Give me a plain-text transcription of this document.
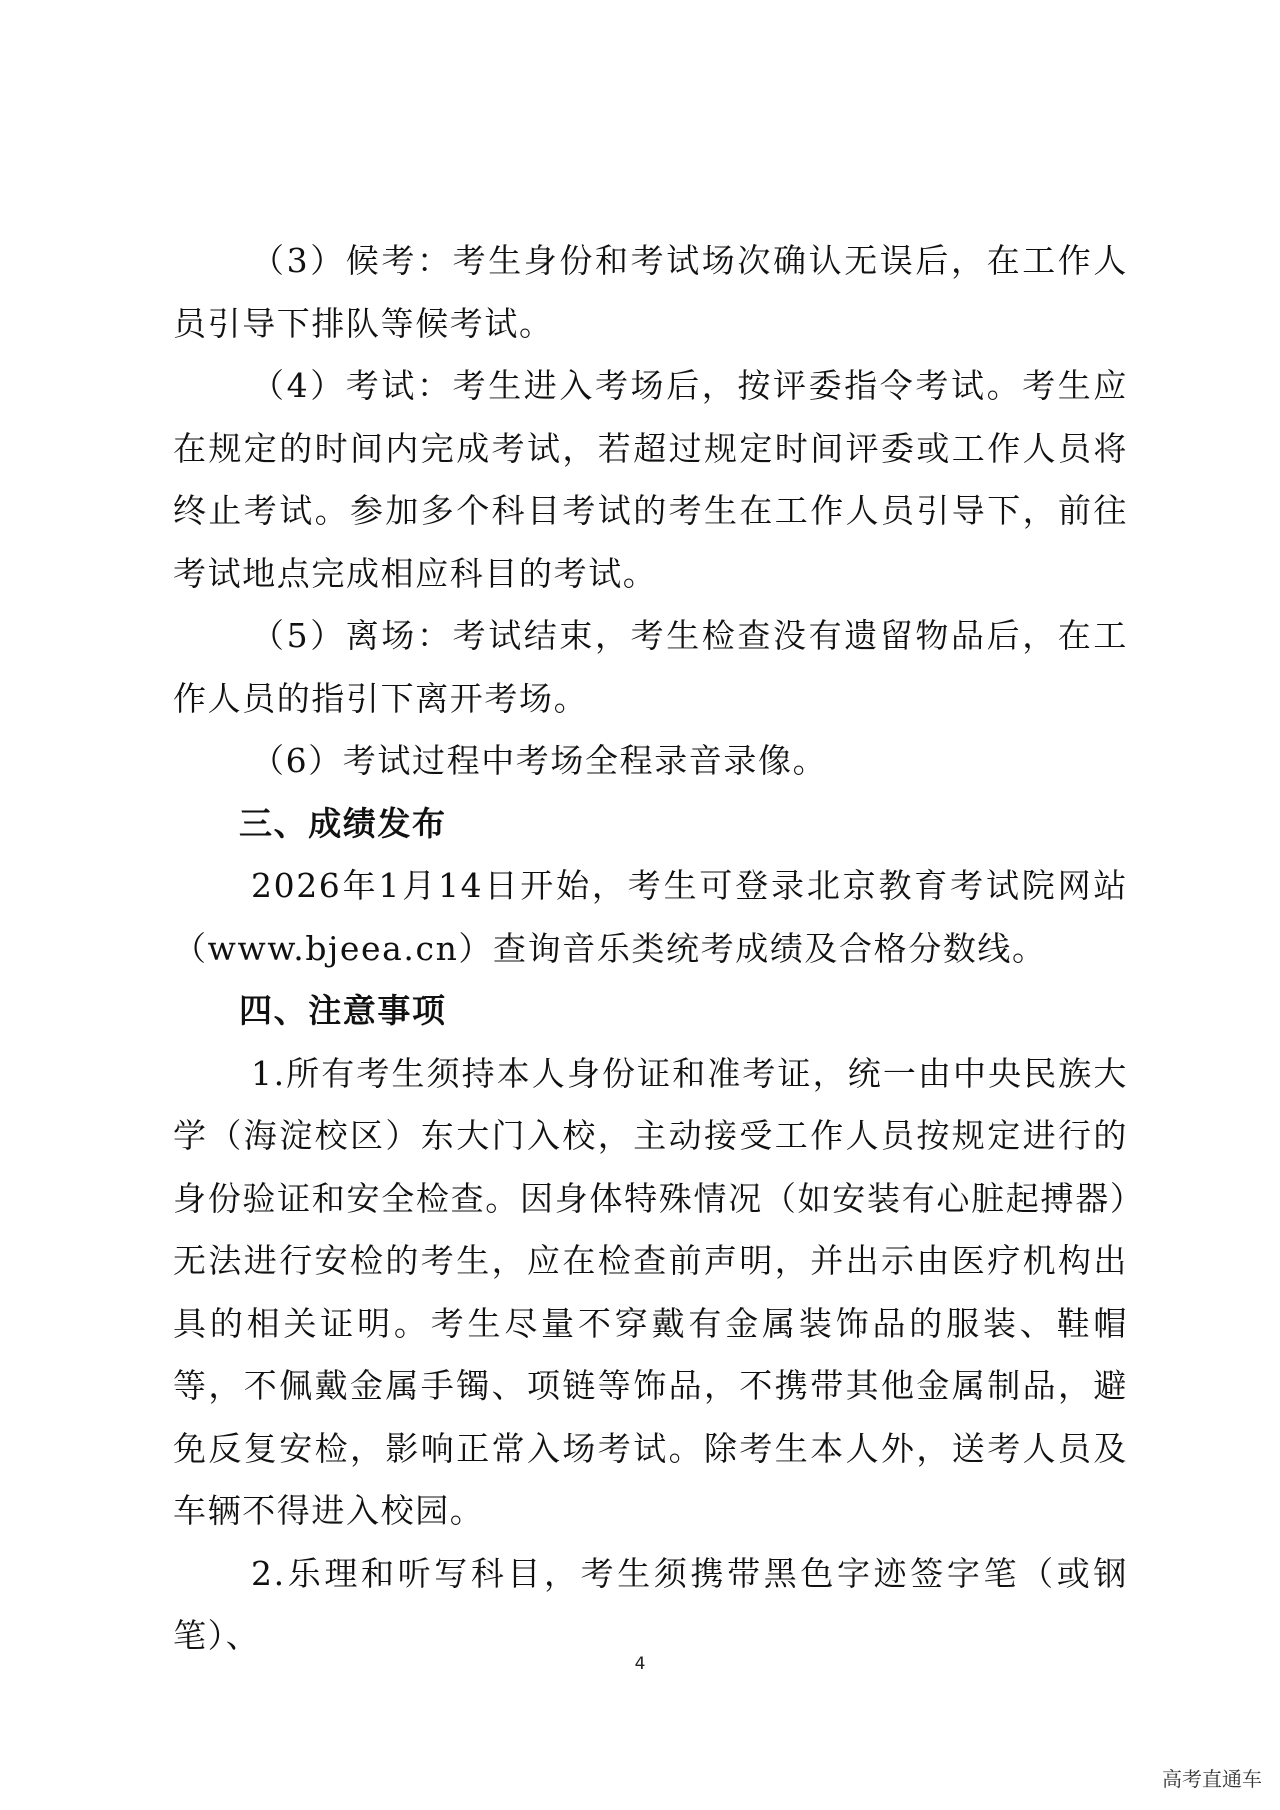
（3）候考：考生身份和考试场次确认无误后，在工作人员引导下排队等候考试。

（4）考试：考生进入考场后，按评委指令考试。考生应在规定的时间内完成考试，若超过规定时间评委或工作人员将终止考试。参加多个科目考试的考生在工作人员引导下，前往考试地点完成相应科目的考试。

（5）离场：考试结束，考生检查没有遗留物品后，在工作人员的指引下离开考场。

（6）考试过程中考场全程录音录像。

三、成绩发布

2026年1月14日开始，考生可登录北京教育考试院网站（www.bjeea.cn）查询音乐类统考成绩及合格分数线。

四、注意事项

1.所有考生须持本人身份证和准考证，统一由中央民族大学（海淀校区）东大门入校，主动接受工作人员按规定进行的身份验证和安全检查。因身体特殊情况（如安装有心脏起搏器）无法进行安检的考生，应在检查前声明，并出示由医疗机构出具的相关证明。考生尽量不穿戴有金属装饰品的服装、鞋帽等，不佩戴金属手镯、项链等饰品，不携带其他金属制品，避免反复安检，影响正常入场考试。除考生本人外，送考人员及车辆不得进入校园。

2.乐理和听写科目，考生须携带黑色字迹签字笔（或钢笔）、

4
高考直通车
